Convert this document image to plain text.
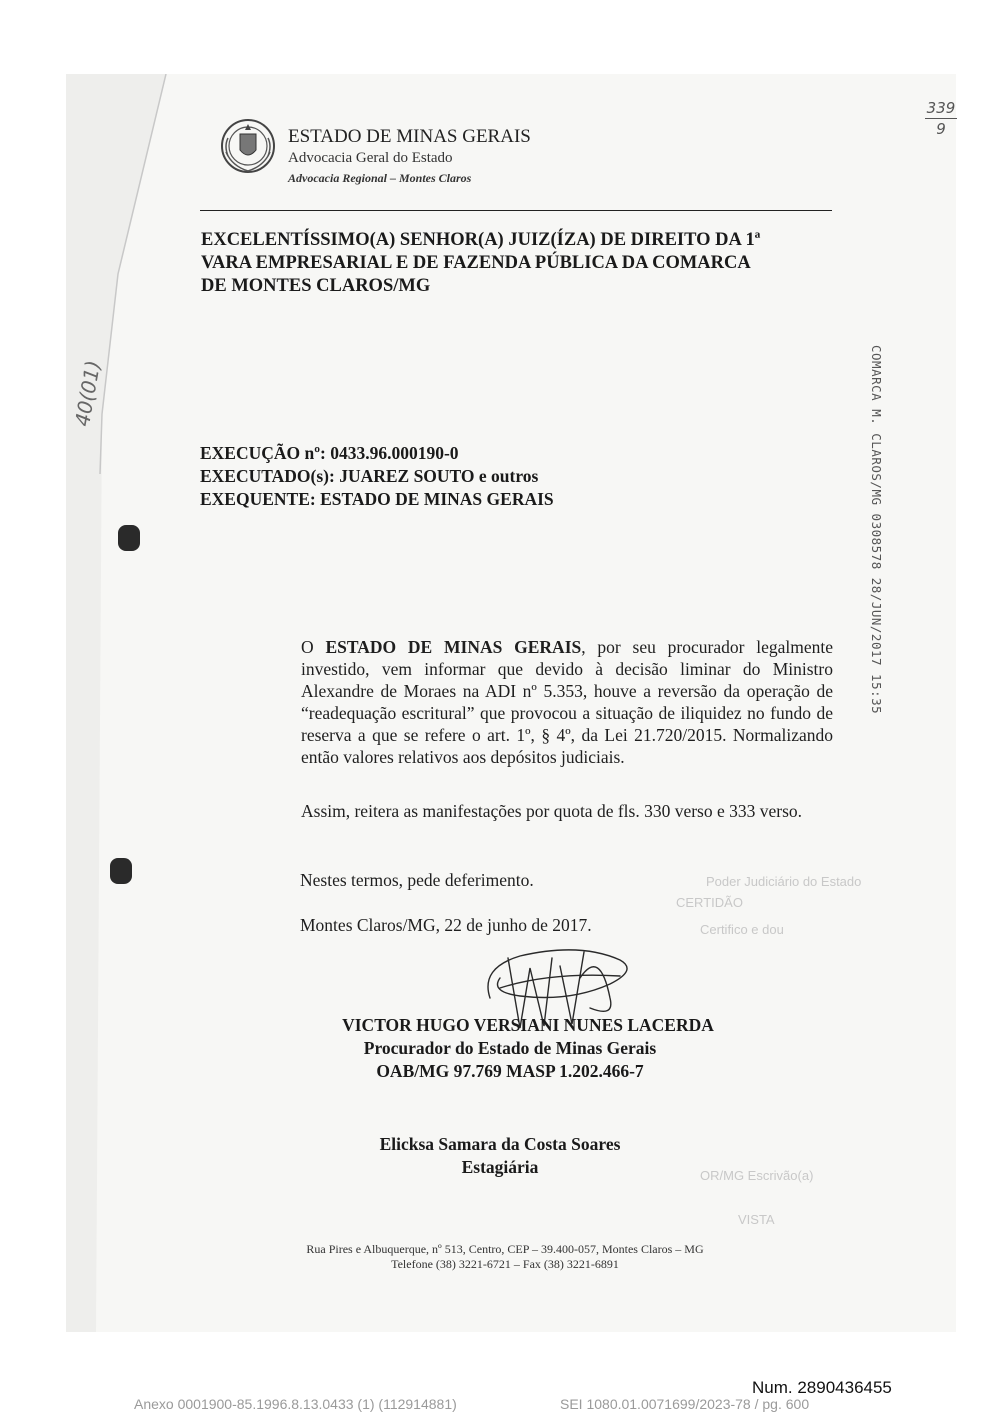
Poder Judiciário do Estado
CERTIDÃO
Certifico e dou
OR/MG Escrivão(a)
VISTA
ESTADO DE MINAS GERAIS
Advocacia Geral do Estado
Advocacia Regional – Montes Claros

EXCELENTÍSSIMO(A) SENHOR(A) JUIZ(ÍZA) DE DIREITO DA 1ª

VARA EMPRESARIAL E DE FAZENDA PÚBLICA DA COMARCA

DE MONTES CLAROS/MG

EXECUÇÃO nº: 0433.96.000190-0

EXECUTADO(s): JUAREZ SOUTO e outros

EXEQUENTE: ESTADO DE MINAS GERAIS

O ESTADO DE MINAS GERAIS, por seu procurador legalmente investido, vem informar que devido à decisão liminar do Ministro Alexandre de Moraes na ADI nº 5.353, houve a reversão da operação de “readequação escritural” que provocou a situação de iliquidez no fundo de reserva a que se refere o art. 1º, § 4º, da Lei 21.720/2015. Normalizando então valores relativos aos depósitos judiciais.
Assim, reitera as manifestações por quota de fls. 330 verso e 333 verso.
Nestes termos, pede deferimento.
Montes Claros/MG, 22 de junho de 2017.

VICTOR HUGO VERSIANI NUNES LACERDA

Procurador do Estado de Minas Gerais

OAB/MG 97.769 MASP 1.202.466-7

Elicksa Samara da Costa Soares

Estagiária

Rua Pires e Albuquerque, nº 513, Centro, CEP – 39.400-057, Montes Claros – MG

Telefone (38) 3221-6721 – Fax (38) 3221-6891

339
9
40(01)	COMARCA M. CLAROS/MG 0308578 28/JUN/2017 15:35
Num. 2890436455
Anexo 0001900-85.1996.8.13.0433 (1) (112914881)	SEI 1080.01.0071699/2023-78 / pg. 600
